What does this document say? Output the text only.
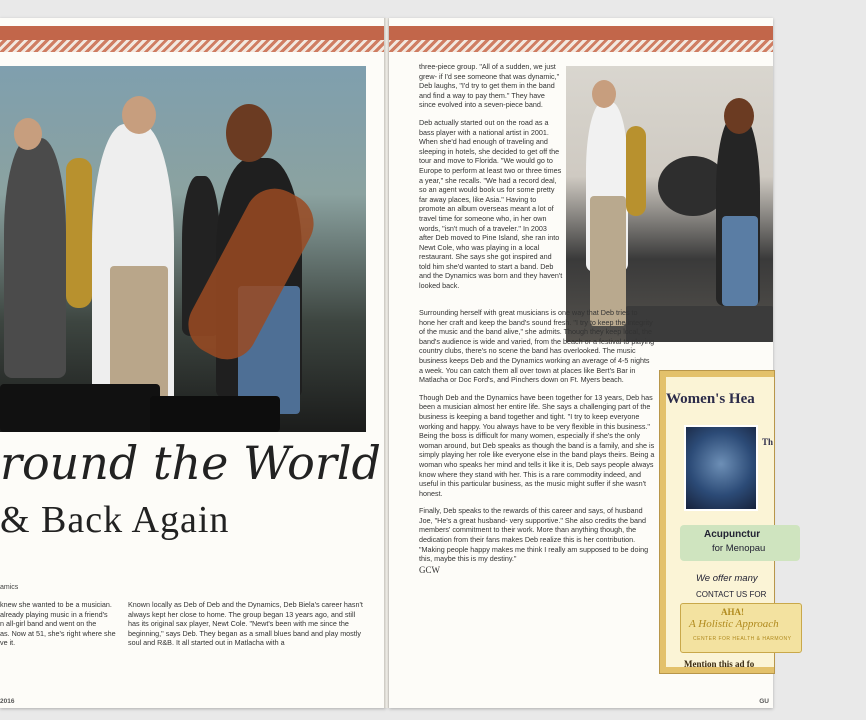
round the World
& Back Again
amics
knew she wanted to be a musician.
already playing music in a friend's
n all-girl band and went on the
as. Now at 51, she's right where she
ve it.

Known locally as Deb of Deb and the Dynamics, Deb Biela's career hasn't always kept her close to home. The group began 13 years ago, and still has its original sax player, Newt Cole. "Newt's been with me since the beginning," says Deb. They began as a small blues band and play mostly soul and R&B. It all started out in Matlacha with a

2016

three-piece group. "All of a sudden, we just grew- if I'd see someone that was dynamic," Deb laughs, "I'd try to get them in the band and find a way to pay them." They have since evolved into a seven-piece band.

Deb actually started out on the road as a bass player with a national artist in 2001. When she'd had enough of traveling and sleeping in hotels, she decided to get off the tour and move to Florida. "We would go to Europe to perform at least two or three times a year," she recalls. "We had a record deal, so an agent would book us for some pretty far away places, like Asia." Having to promote an album overseas meant a lot of travel time for someone who, in her own words, "isn't much of a traveler." In 2003 after Deb moved to Pine Island, she ran into Newt Cole, who was playing in a local restaurant. She says she got inspired and told him she'd wanted to start a band. Deb and the Dynamics was born and they haven't looked back.

Surrounding herself with great musicians is one way that Deb tries to hone her craft and keep the band's sound fresh. "I try to keep the integrity of the music and the band alive," she admits. Though they keep local, the band's audience is wide and varied, from the beach or a festival to playing country clubs, there's no scene the band has overlooked. The music business keeps Deb and the Dynamics working an average of 4-5 nights a week. You can catch them all over town at places like Bert's Bar in Matlacha or Doc Ford's, and Pinchers down on Ft. Myers beach.

Though Deb and the Dynamics have been together for 13 years, Deb has been a musician almost her entire life. She says a challenging part of the business is keeping a band together and tight. "I try to keep everyone working and happy. You always have to be very flexible in this business." Being the boss is difficult for many women, especially if she's the only woman around, but Deb speaks as though the band is a family, and she is simply playing her role like everyone else in the band plays theirs. Being a woman who speaks her mind and tells it like it is, Deb says people always know where they stand with her. This is a rare commodity indeed, and useful in this particular business, as the music might suffer if she wasn't honest.

Finally, Deb speaks to the rewards of this career and says, of husband Joe, "He's a great husband- very supportive." She also credits the band members' commitment to their work. More than anything though, the dedication from their fans makes Deb realize this is her contribution. "Making people happy makes me think I really am supposed to be doing this, maybe this is my destiny."

GCW
Women's Hea
Th
Acupunctur
for Menopau
We offer many
CONTACT US FOR
AHA!
A Holistic Approach
CENTER FOR HEALTH & HARMONY
Mention this ad fo
GU
